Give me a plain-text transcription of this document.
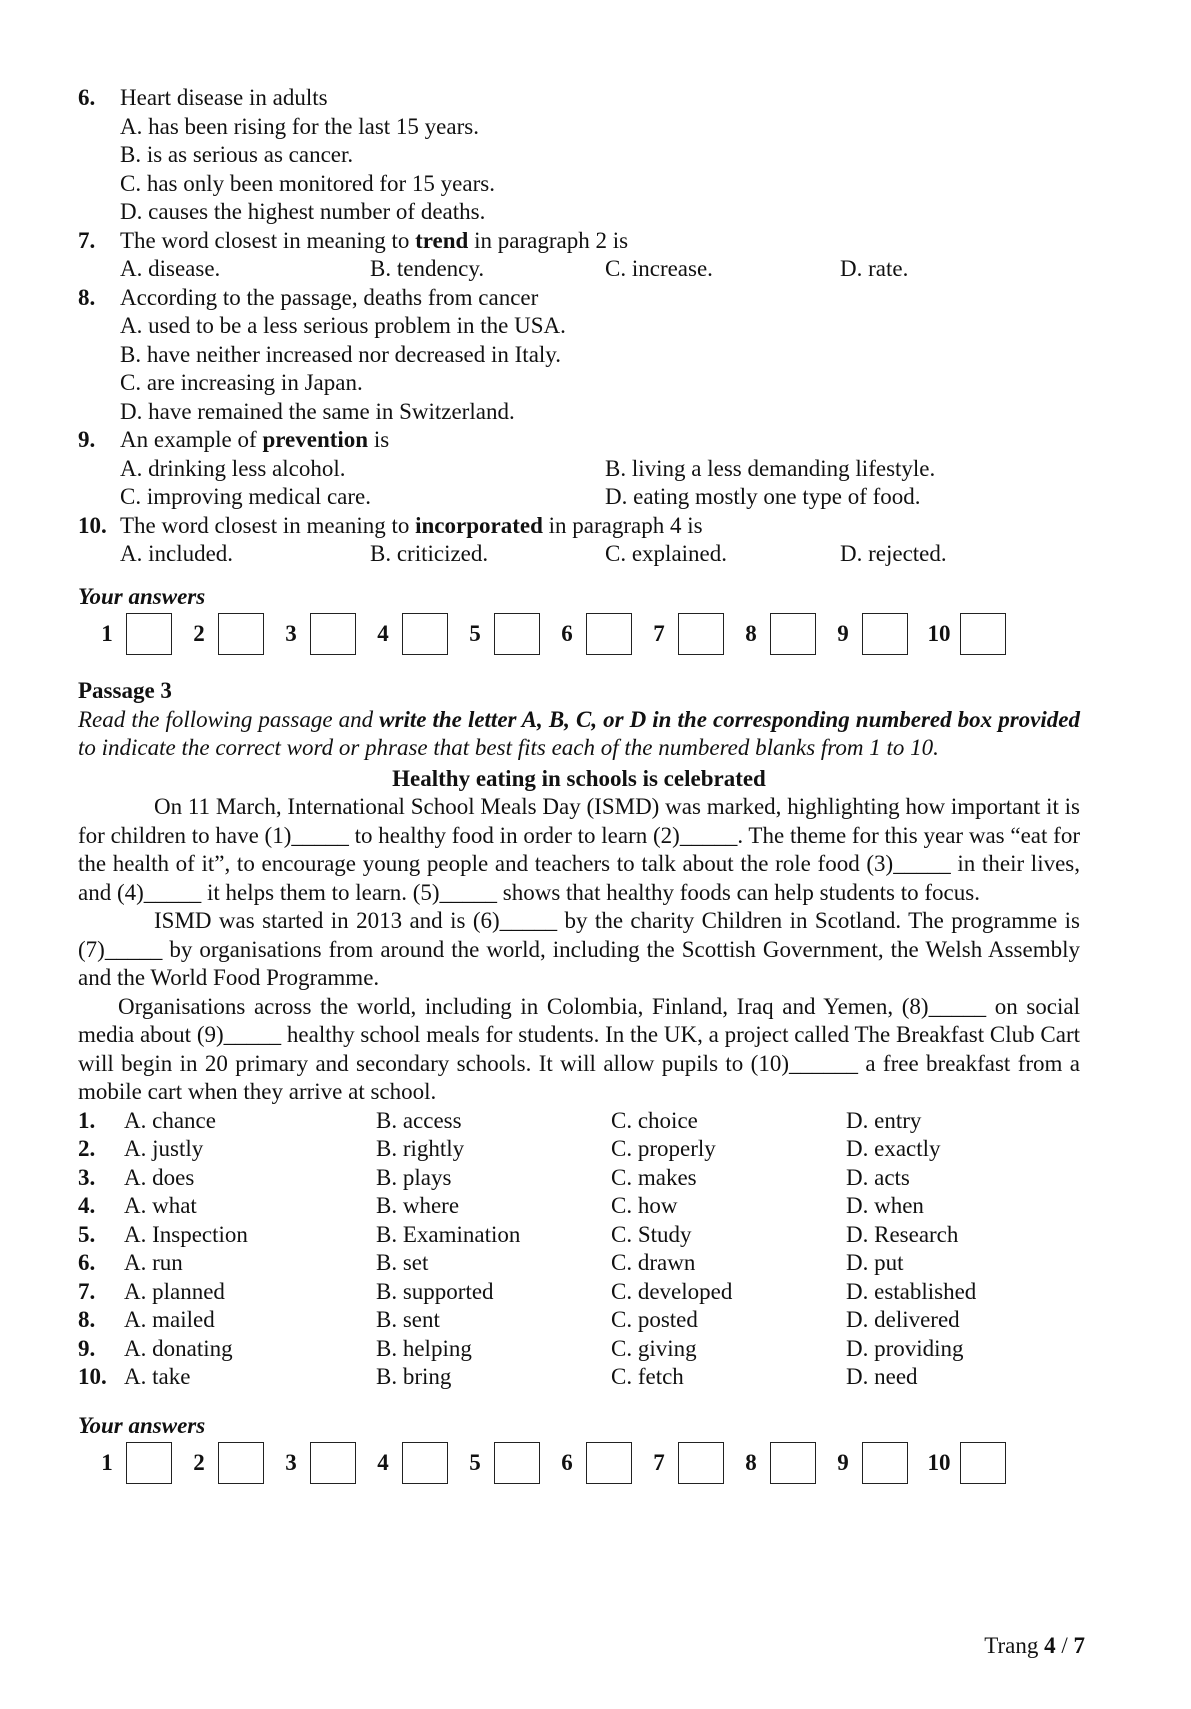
6.	Heart disease in adults
A. has been rising for the last 15 years.
B. is as serious as cancer.
C. has only been monitored for 15 years.
D. causes the highest number of deaths.
7.	The word closest in meaning to trend in paragraph 2 is
A. disease.	B. tendency.	C. increase.	D. rate.
8.	According to the passage, deaths from cancer
A. used to be a less serious problem in the USA.
B. have neither increased nor decreased in Italy.
C. are increasing in Japan.
D. have remained the same in Switzerland.
9.	An example of prevention is
A. drinking less alcohol.	B. living a less demanding lifestyle.
C. improving medical care.	D. eating mostly one type of food.
10. The word closest in meaning to incorporated in paragraph 4 is
A. included.	B. criticized.	C. explained.	D. rejected.
Your answers
1	2	3	4	5	6	7	8	9	10
Passage 3
Read the following passage and write the letter A, B, C, or D in the corresponding numbered box provided to indicate the correct word or phrase that best fits each of the numbered blanks from 1 to 10.
Healthy eating in schools is celebrated
On 11 March, International School Meals Day (ISMD) was marked, highlighting how important it is for children to have (1)_____ to healthy food in order to learn (2)_____. The theme for this year was “eat for the health of it”, to encourage young people and teachers to talk about the role food (3)_____ in their lives, and (4)_____ it helps them to learn. (5)_____ shows that healthy foods can help students to focus.
ISMD was started in 2013 and is (6)_____ by the charity Children in Scotland. The programme is (7)_____ by organisations from around the world, including the Scottish Government, the Welsh Assembly and the World Food Programme.
Organisations across the world, including in Colombia, Finland, Iraq and Yemen, (8)_____ on social media about (9)_____ healthy school meals for students. In the UK, a project called The Breakfast Club Cart will begin in 20 primary and secondary schools. It will allow pupils to (10)______ a free breakfast from a mobile cart when they arrive at school.
1.	A. chance	B. access	C. choice	D. entry
2.	A. justly	B. rightly	C. properly	D. exactly
3.	A. does	B. plays	C. makes	D. acts
4.	A. what	B. where	C. how	D. when
5.	A. Inspection	B. Examination	C. Study	D. Research
6.	A. run	B. set	C. drawn	D. put
7.	A. planned	B. supported	C. developed	D. established
8.	A. mailed	B. sent	C. posted	D. delivered
9.	A. donating	B. helping	C. giving	D. providing
10. A. take	B. bring	C. fetch	D. need
Your answers
1	2	3	4	5	6	7	8	9	10
Trang 4 / 7
